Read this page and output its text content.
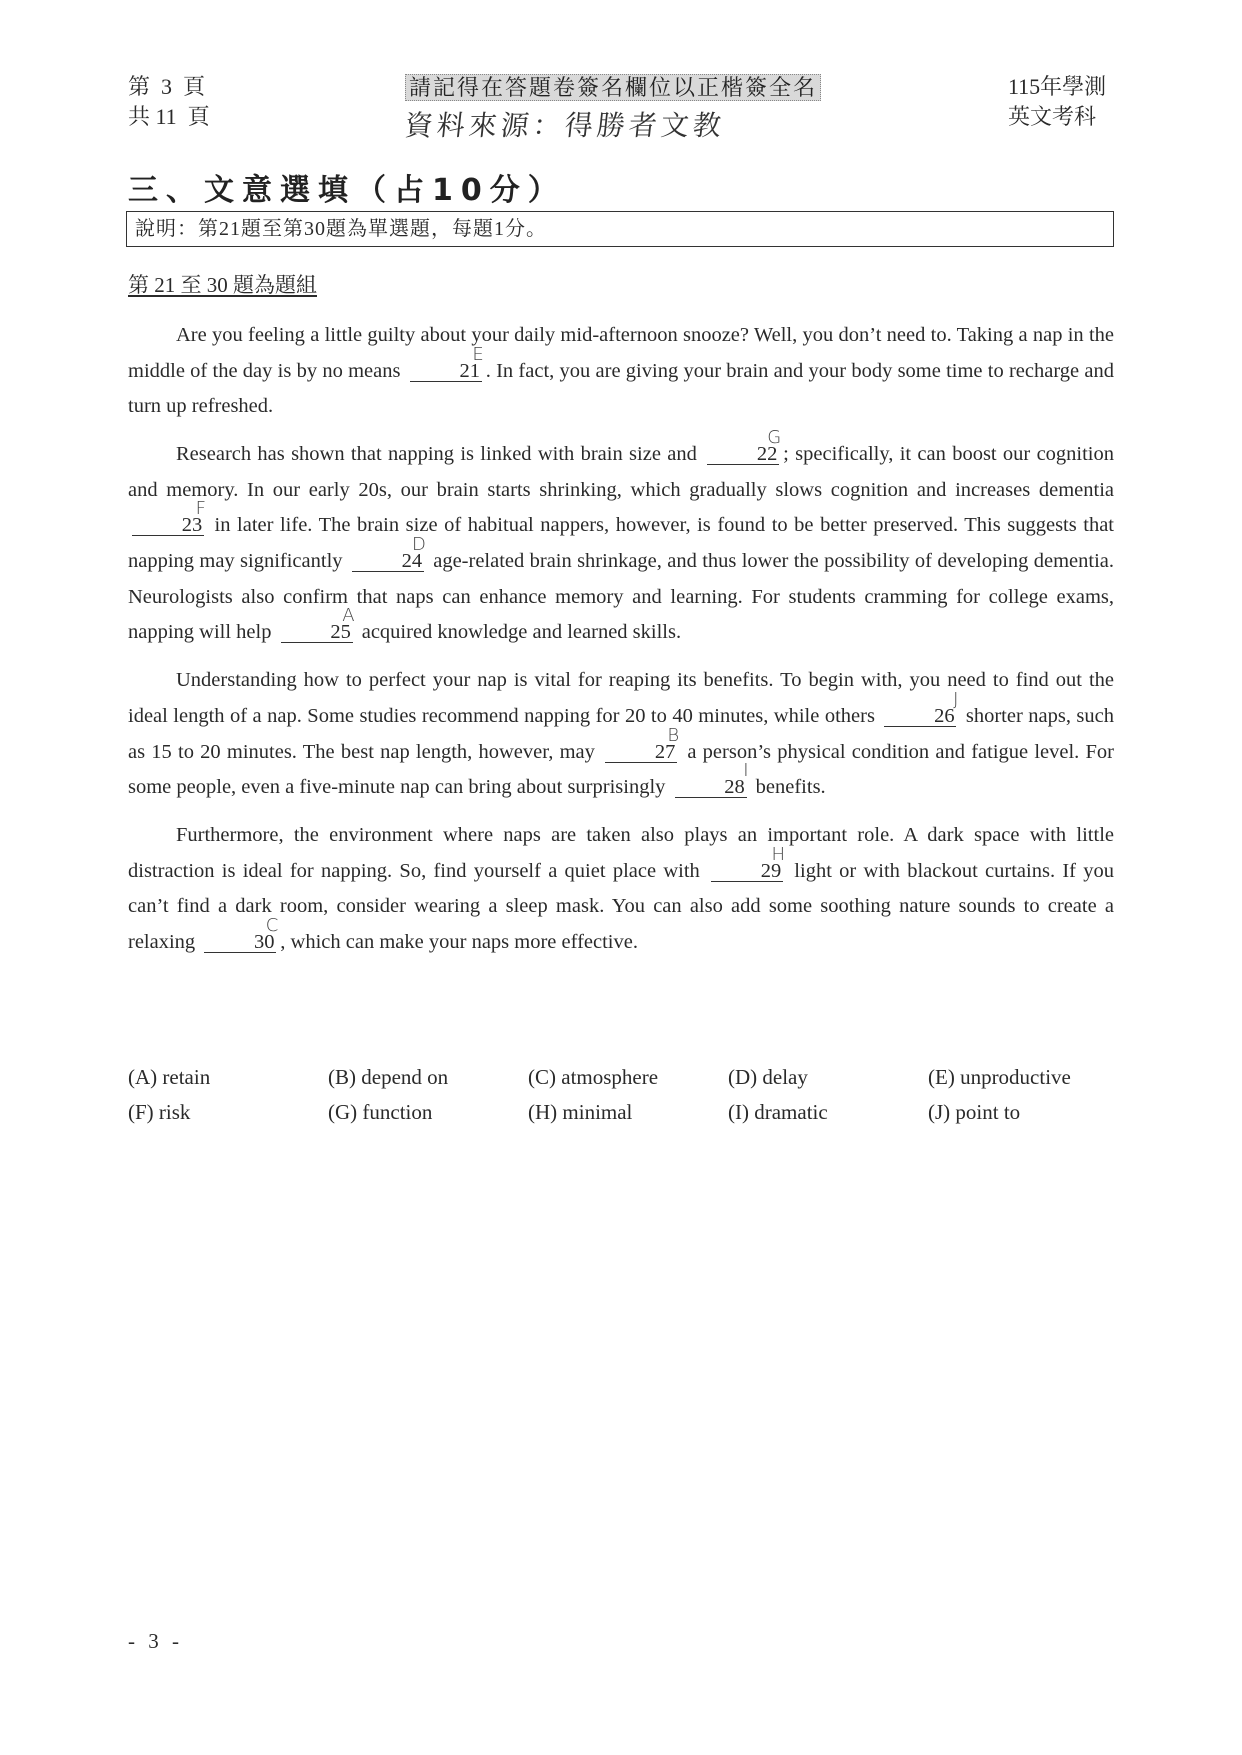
第  3  頁
共 11  頁
請記得在答題卷簽名欄位以正楷簽全名
資料來源：得勝者文教
115年學測
英文考科
三、文意選填（占10分）
說明：第21題至第30題為單選題，每題1分。
第 21 至 30 題為題組

Are you feeling a little guilty about your daily mid-afternoon snooze? Well, you don’t need to. Taking a nap in the middle of the day is by no means	21
E
. In fact, you are giving your brain and your body some time to recharge and turn up refreshed.

Research has shown that napping is linked with brain size and	22
G
; specifically, it can boost our cognition and memory. In our early 20s, our brain starts shrinking, which gradually slows cognition and increases dementia 23
F
in later life. The brain size of habitual nappers, however, is found to be better preserved. This suggests that napping may significantly	24
D
age-related brain shrinkage, and thus lower the possibility of developing dementia. Neurologists also confirm that naps can enhance memory and learning. For students cramming for college exams, napping will help	25
A
acquired knowledge and learned skills.

Understanding how to perfect your nap is vital for reaping its benefits. To begin with, you need to find out the ideal length of a nap. Some studies recommend napping for 20 to 40 minutes, while others	26
J
shorter naps, such as 15 to 20 minutes. The best nap length, however, may	27
B
a person’s physical condition and fatigue level. For some people, even a five-minute nap can bring about surprisingly	28
I
benefits.

Furthermore, the environment where naps are taken also plays an important role. A dark space with little distraction is ideal for napping. So, find yourself a quiet place with	29
H
light or with blackout curtains. If you can’t find a dark room, consider wearing a sleep mask. You can also add some soothing nature sounds to create a relaxing	30
C
, which can make your naps more effective.

(A) retain	(B) depend on	(C) atmosphere	(D) delay	(E) unproductive
(F) risk	(G) function	(H) minimal	(I) dramatic	(J) point to
- 3 -
